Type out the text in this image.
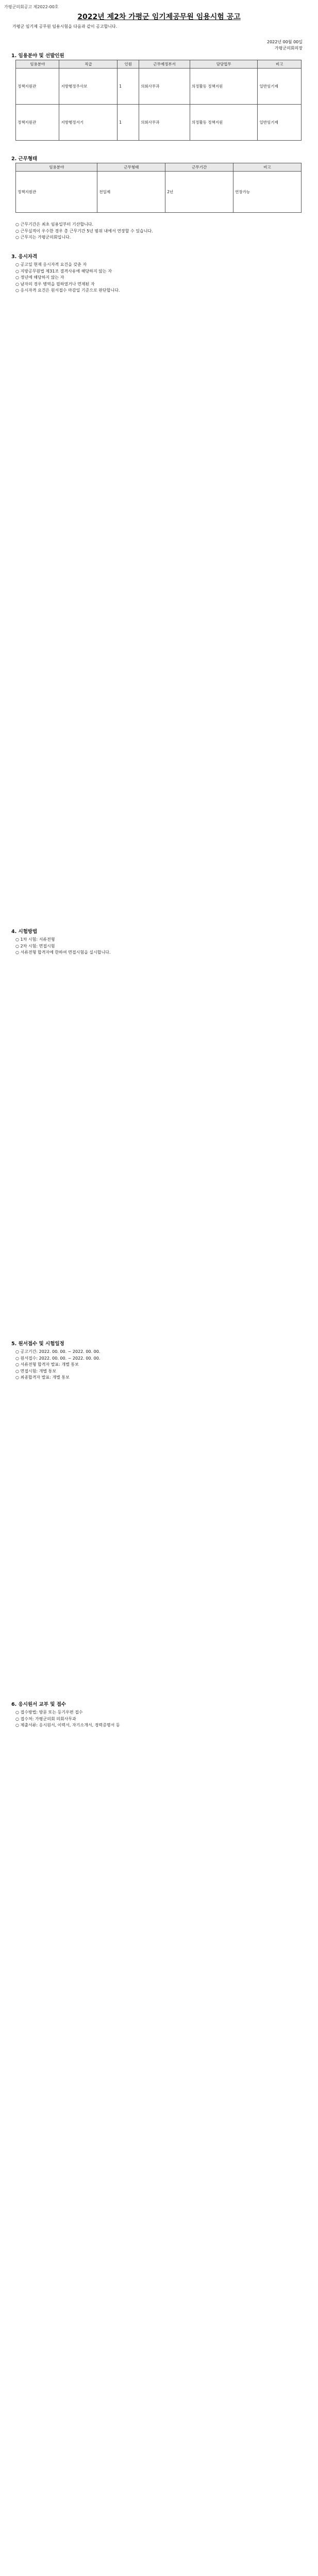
가평군의회공고 제2022-00호
2022년 제2차 가평군 임기제공무원 임용시험 공고
가평군 임기제 공무원 임용시험을 다음과 같이 공고합니다.
2022년 00월 00일
가평군의회의장
1. 임용분야 및 선발인원
임용분야	직급	인원	근무예정부서	담당업무	비고
정책지원관	지방행정주사보	1	의회사무과	의정활동 정책지원	일반임기제
정책지원관	지방행정서기	1	의회사무과	의정활동 정책지원	일반임기제
2. 근무형태
임용분야	근무형태	근무기간	비고
정책지원관	전일제	2년	연장가능
○ 근무기간은 최초 임용일부터 기산합니다.
○ 근무실적이 우수한 경우 총 근무기간 5년 범위 내에서 연장할 수 있습니다.
○ 근무지는 가평군의회입니다.
3. 응시자격
○ 공고일 현재 응시자격 요건을 갖춘 자
○ 지방공무원법 제31조 결격사유에 해당하지 않는 자
○ 정년에 해당하지 않는 자
○ 남자의 경우 병역을 필하였거나 면제된 자
○ 응시자격 요건은 원서접수 마감일 기준으로 판단합니다.
4. 시험방법
○ 1차 시험: 서류전형
○ 2차 시험: 면접시험
○ 서류전형 합격자에 한하여 면접시험을 실시합니다.
5. 원서접수 및 시험일정
○ 공고기간: 2022. 00. 00. ~ 2022. 00. 00.
○ 원서접수: 2022. 00. 00. ~ 2022. 00. 00.
○ 서류전형 합격자 발표: 개별 통보
○ 면접시험: 개별 통보
○ 최종합격자 발표: 개별 통보
6. 응시원서 교부 및 접수
○ 접수방법: 방문 또는 등기우편 접수
○ 접수처: 가평군의회 의회사무과
○ 제출서류: 응시원서, 이력서, 자기소개서, 경력증명서 등
